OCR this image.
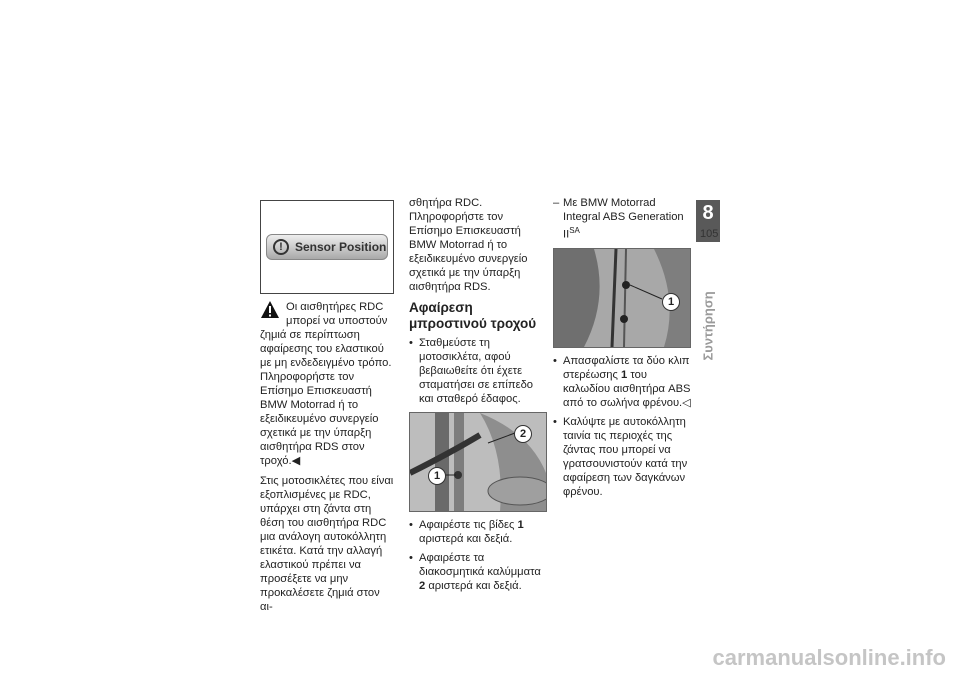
!	Sensor Position

Οι αισθητήρες RDC μπορεί να υποστούν ζημιά σε περίπτωση αφαίρεσης του ελαστικού με μη ενδεδειγμένο τρόπο. Πληροφορήστε τον Επίσημο Επισκευαστή BMW Motorrad ή το εξειδικευμένο συνεργείο σχετικά με την ύπαρξη αισθητήρα RDS στον τροχό.◀

Στις μοτοσικλέτες που είναι εξοπλισμένες με RDC, υπάρχει στη ζάντα στη θέση του αισθητήρα RDC μια ανάλογη αυτοκόλλητη ετικέτα. Κατά την αλλαγή ελαστικού πρέπει να προσέξετε να μην προκαλέσετε ζημιά στον αι-

σθητήρα RDC. Πληροφορήστε τον Επίσημο Επισκευαστή BMW Motorrad ή το εξειδικευμένο συνεργείο σχετικά με την ύπαρξη αισθητήρα RDS.

Αφαίρεση μπροστινού τροχού
• Σταθμεύστε τη μοτοσικλέτα, αφού βεβαιωθείτε ότι έχετε σταματήσει σε επίπεδο και σταθερό έδαφος.
1
2
• Αφαιρέστε τις βίδες 1 αριστερά και δεξιά.
• Αφαιρέστε τα διακοσμητικά καλύμματα 2 αριστερά και δεξιά.
– Με BMW Motorrad Integral ABS Generation $II^{SA}$
1
• Απασφαλίστε τα δύο κλιπ στερέωσης 1 του καλωδίου αισθητήρα ABS από το σωλήνα φρένου.◁
• Καλύψτε με αυτοκόλλητη ταινία τις περιοχές της ζάντας που μπορεί να γρατσουνιστούν κατά την αφαίρεση των δαγκάνων φρένου.
8
105
Συντήρηση
carmanualsonline.info
